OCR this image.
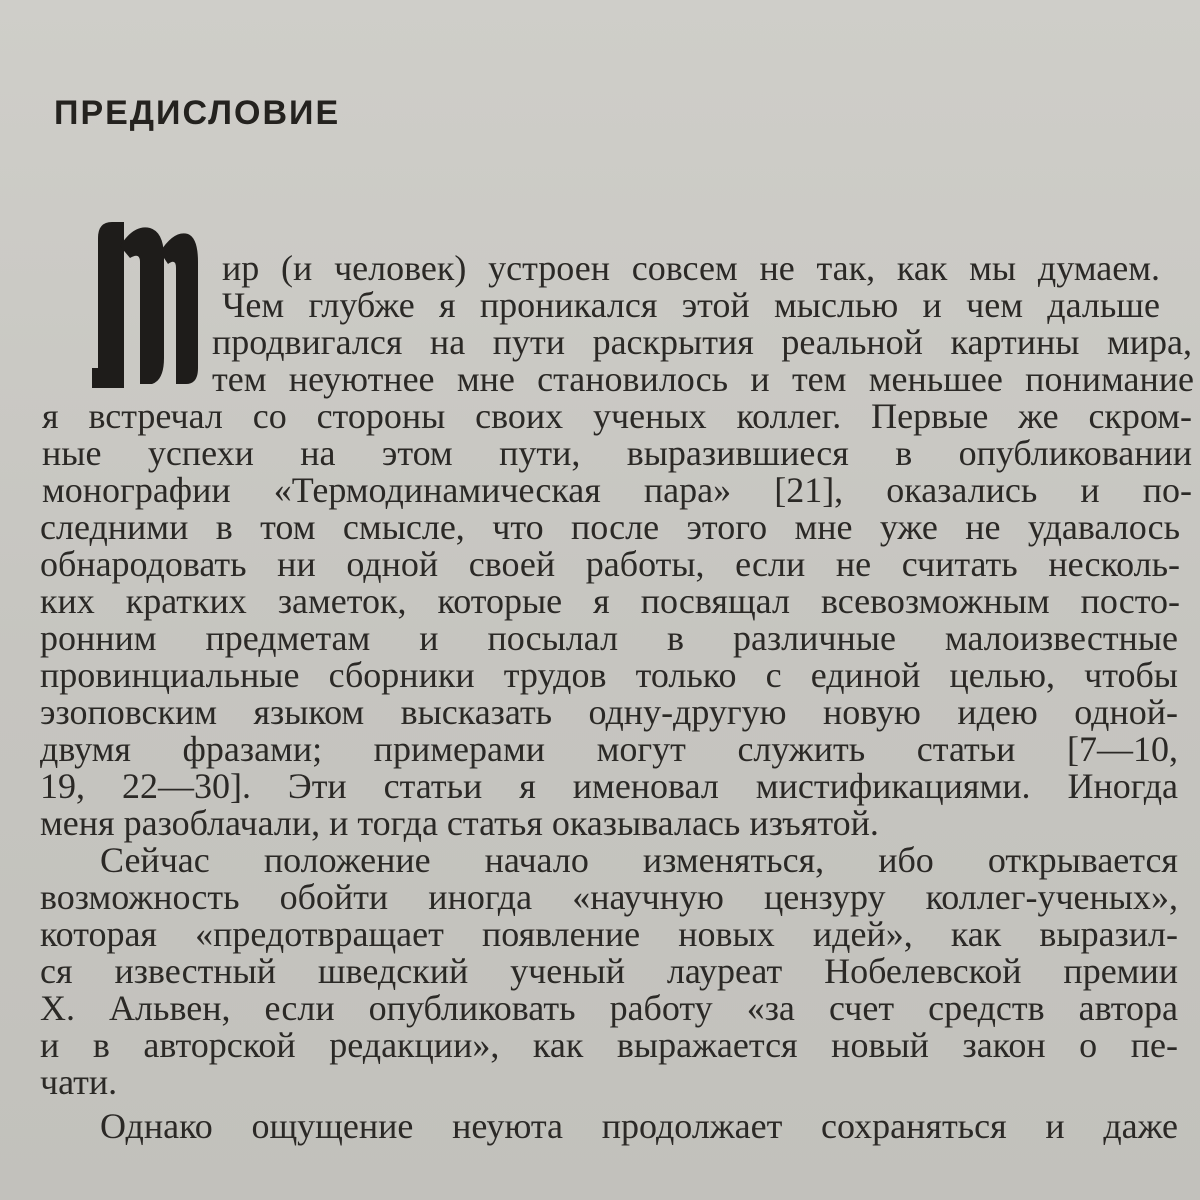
ПРЕДИСЛОВИЕ
ир (и человек) устроен совсем не так, как мы думаем.
Чем глубже я проникался этой мыслью и чем дальше
продвигался на пути раскрытия реальной картины мира,
тем неуютнее мне становилось и тем меньшее понимание
я встречал со стороны своих ученых коллег. Первые же скром-
ные успехи на этом пути, выразившиеся в опубликовании
монографии «Термодинамическая пара» [21], оказались и по-
следними в том смысле, что после этого мне уже не удавалось
обнародовать ни одной своей работы, если не считать несколь-
ких кратких заметок, которые я посвящал всевозможным посто-
ронним предметам и посылал в различные малоизвестные
провинциальные сборники трудов только с единой целью, чтобы
эзоповским языком высказать одну-другую новую идею одной-
двумя фразами; примерами могут служить статьи [7—10,
19, 22—30]. Эти статьи я именовал мистификациями. Иногда
меня разоблачали, и тогда статья оказывалась изъятой.
Сейчас положение начало изменяться, ибо открывается
возможность обойти иногда «научную цензуру коллег-ученых»,
которая «предотвращает появление новых идей», как выразил-
ся известный шведский ученый лауреат Нобелевской премии
Х. Альвен, если опубликовать работу «за счет средств автора
и в авторской редакции», как выражается новый закон о пе-
чати.
Однако ощущение неуюта продолжает сохраняться и даже
